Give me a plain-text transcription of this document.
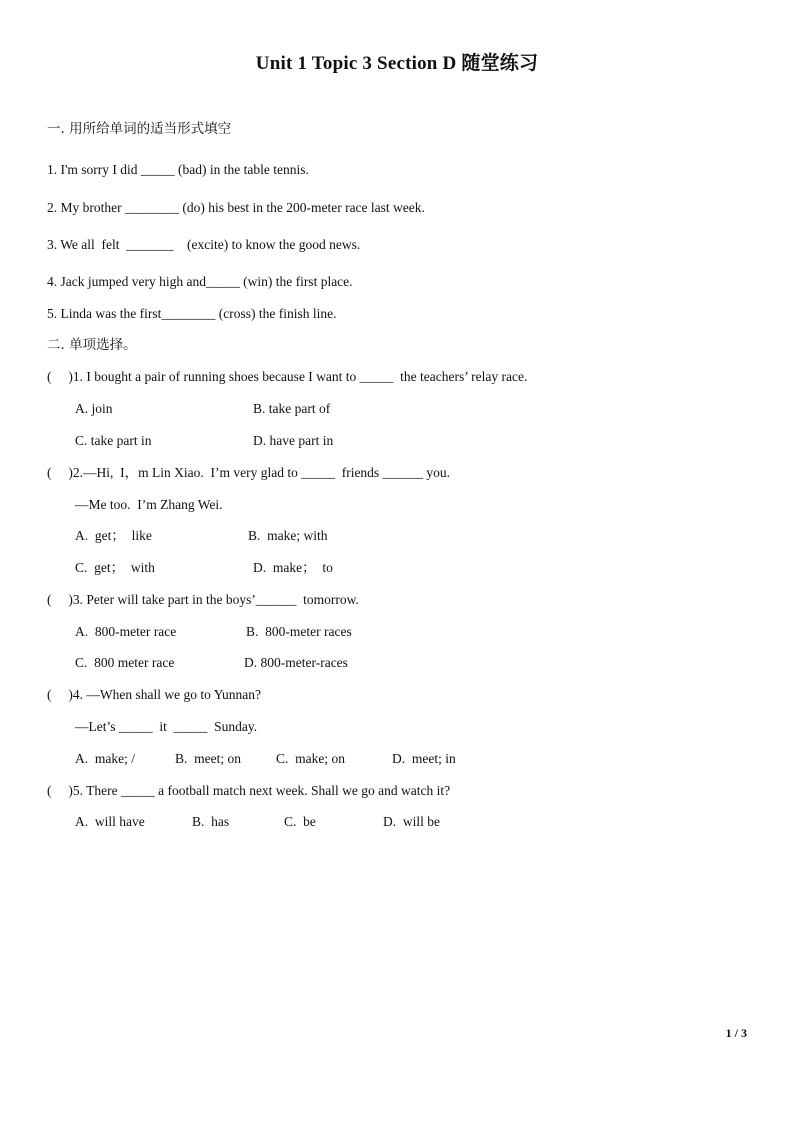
Unit 1 Topic 3 Section D 随堂练习
一. 用所给单词的适当形式填空
1. I'm sorry I did _____ (bad) in the table tennis.
2. My brother ________ (do) his best in the 200-meter race last week.
3. We all  felt  _______    (excite) to know the good news.
4. Jack jumped very high and_____ (win) the first place.
5. Linda was the first________ (cross) the finish line.
二. 单项选择。
(     )1. I bought a pair of running shoes because I want to _____  the teachers’ relay race.
A. join	B. take part of
C. take part in	D. have part in
(     )2.—Hi,  I，m Lin Xiao.  I’m very glad to _____  friends ______ you.
—Me too.  I’m Zhang Wei.
A.  get；  like	B.  make; with
C.  get；  with	D.  make；  to
(     )3. Peter will take part in the boys’______  tomorrow.
A.  800-meter race	B.  800-meter races
C.  800 meter race	D. 800-meter-races
(     )4. —When shall we go to Yunnan?
—Let’s _____  it  _____  Sunday.
A.  make; /	B.  meet; on	C.  make; on	D.  meet; in
(     )5. There _____ a football match next week. Shall we go and watch it?
A.  will have	B.  has	C.  be	D.  will be
1 / 3
